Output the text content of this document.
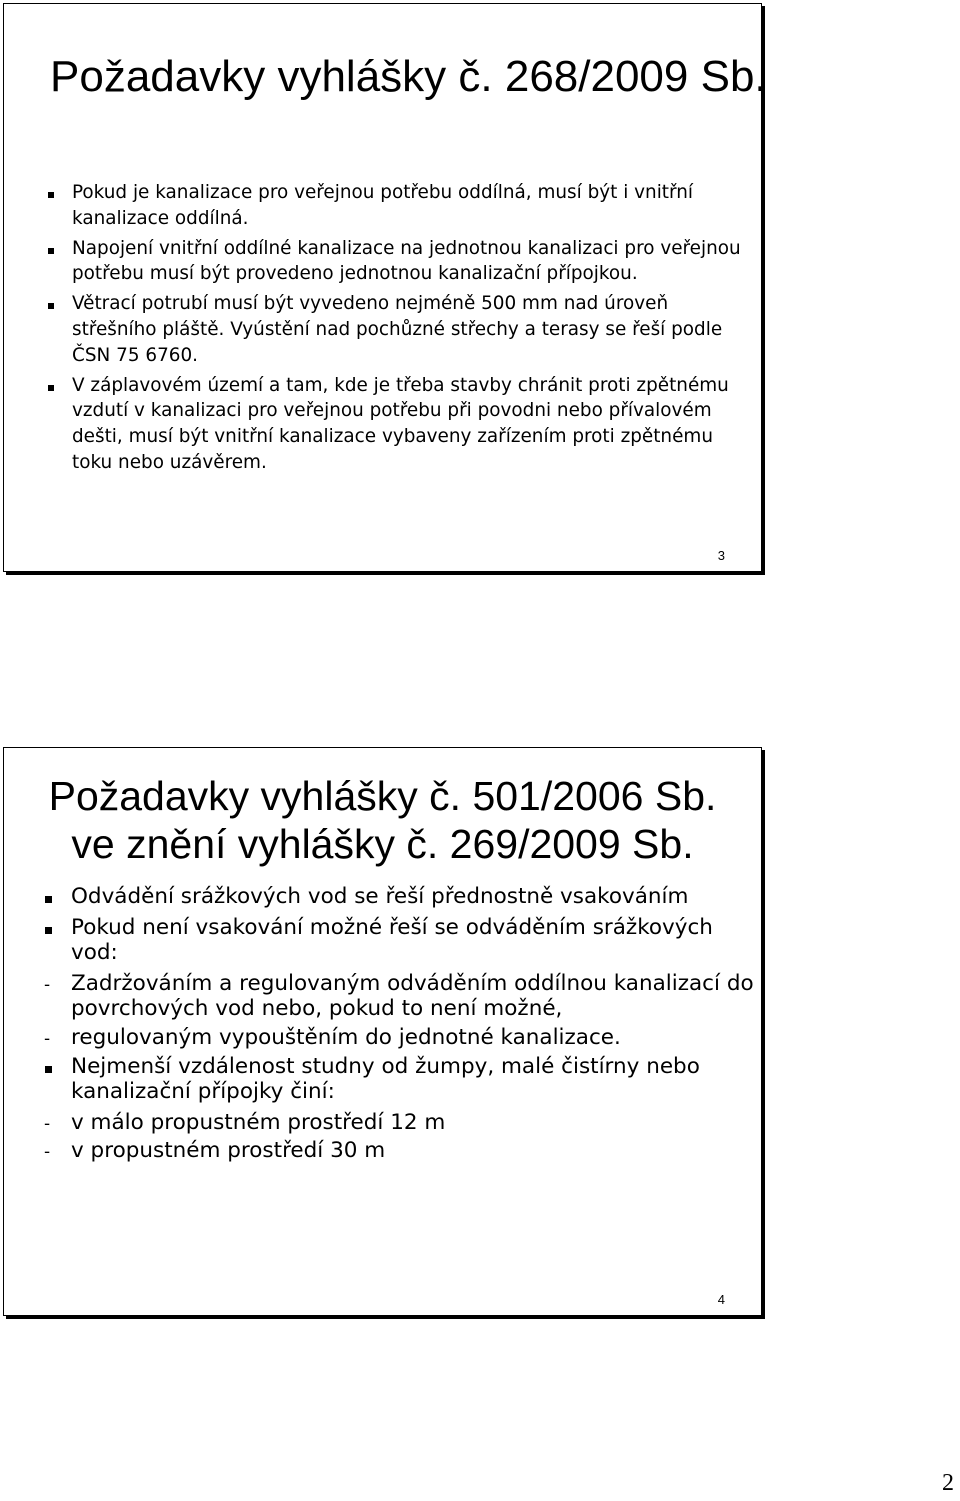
Požadavky vyhlášky č. 268/2009 Sb.
Pokud je kanalizace pro veřejnou potřebu oddílná, musí být i vnitřní kanalizace oddílná.
Napojení vnitřní oddílné kanalizace na jednotnou kanalizaci pro veřejnou potřebu musí být provedeno jednotnou kanalizační přípojkou.
Větrací potrubí musí být vyvedeno nejméně 500 mm nad úroveň střešního pláště. Vyústění nad pochůzné střechy a terasy se řeší podle ČSN 75 6760.
V záplavovém území a tam, kde je třeba stavby chránit proti zpětnému vzdutí v kanalizaci pro veřejnou potřebu při povodni nebo přívalovém dešti, musí být vnitřní kanalizace vybaveny zařízením proti zpětnému toku nebo uzávěrem.
3
Požadavky vyhlášky č. 501/2006 Sb.
ve znění vyhlášky č. 269/2009 Sb.
Odvádění srážkových vod se řeší přednostně vsakováním
Pokud není vsakování možné řeší se odváděním srážkových vod:
- Zadržováním a regulovaným odváděním oddílnou kanalizací do povrchových vod nebo, pokud to není možné,
- regulovaným vypouštěním do jednotné kanalizace.
Nejmenší vzdálenost studny od žumpy, malé čistírny nebo kanalizační přípojky činí:
- v málo propustném prostředí 12 m
- v propustném prostředí 30 m
4
2
